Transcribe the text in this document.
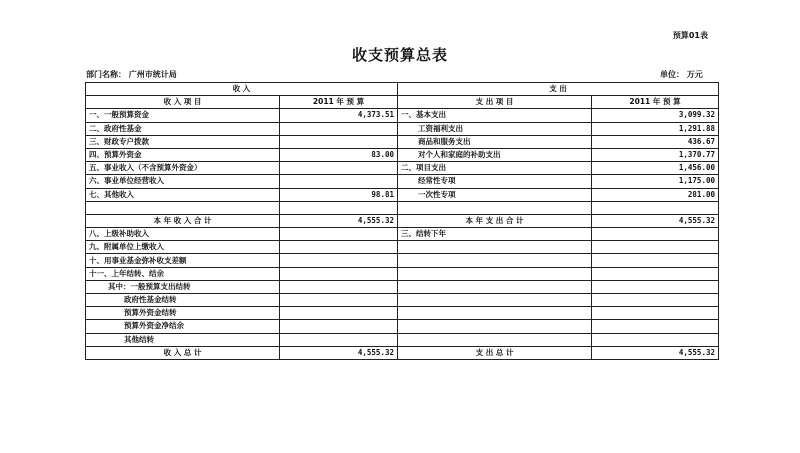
预算01表
收支预算总表
部门名称： 广州市统计局	单位： 万元
收 入		支 出	
收 入 项 目	2011 年 预 算	支 出 项 目	2011 年 预 算
一、一般预算资金	4,373.51	一、基本支出	3,099.32
二、政府性基金		工资福利支出	1,291.88
三、财政专户拨款		商品和服务支出	436.67
四、预算外资金	83.00	对个人和家庭的补助支出	1,370.77
五、事业收入（不含预算外资金）		二、项目支出	1,456.00
六、事业单位经营收入		经常性专项	1,175.00
七、其他收入	98.81	一次性专项	281.00

本 年 收 入 合 计	4,555.32	本 年 支 出 合 计	4,555.32
八、上级补助收入		三、结转下年	
九、附属单位上缴收入			
十、用事业基金弥补收支差额			
十一、上年结转、结余			
其中：一般预算支出结转			
政府性基金结转			
预算外资金结转			
预算外资金净结余			
其他结转			
收 入 总 计	4,555.32	支 出 总 计	4,555.32
